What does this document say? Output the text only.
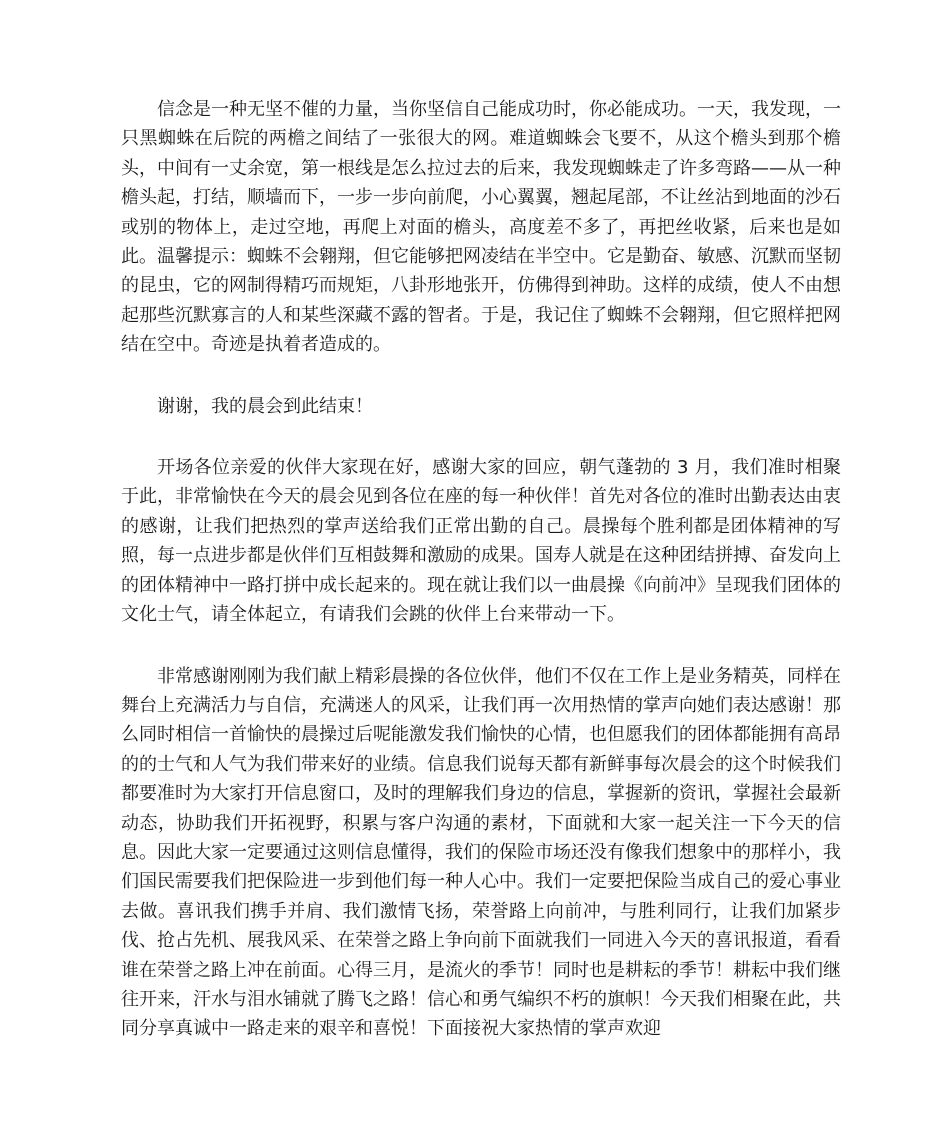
信念是一种无坚不催的力量，当你坚信自己能成功时，你必能成功。一天，我发现，一只黑蜘蛛在后院的两檐之间结了一张很大的网。难道蜘蛛会飞要不，从这个檐头到那个檐头，中间有一丈余宽，第一根线是怎么拉过去的后来，我发现蜘蛛走了许多弯路——从一种檐头起，打结，顺墙而下，一步一步向前爬，小心翼翼，翘起尾部，不让丝沾到地面的沙石或别的物体上，走过空地，再爬上对面的檐头，高度差不多了，再把丝收紧，后来也是如此。温馨提示：蜘蛛不会翱翔，但它能够把网凌结在半空中。它是勤奋、敏感、沉默而坚韧的昆虫，它的网制得精巧而规矩，八卦形地张开，仿佛得到神助。这样的成绩，使人不由想起那些沉默寡言的人和某些深藏不露的智者。于是，我记住了蜘蛛不会翱翔，但它照样把网结在空中。奇迹是执着者造成的。

谢谢，我的晨会到此结束！

开场各位亲爱的伙伴大家现在好，感谢大家的回应，朝气蓬勃的 3 月，我们准时相聚于此，非常愉快在今天的晨会见到各位在座的每一种伙伴！首先对各位的准时出勤表达由衷的感谢，让我们把热烈的掌声送给我们正常出勤的自己。晨操每个胜利都是团体精神的写照，每一点进步都是伙伴们互相鼓舞和激励的成果。国寿人就是在这种团结拼搏、奋发向上的团体精神中一路打拼中成长起来的。现在就让我们以一曲晨操《向前冲》呈现我们团体的文化士气，请全体起立，有请我们会跳的伙伴上台来带动一下。

非常感谢刚刚为我们献上精彩晨操的各位伙伴，他们不仅在工作上是业务精英，同样在舞台上充满活力与自信，充满迷人的风采，让我们再一次用热情的掌声向她们表达感谢！那么同时相信一首愉快的晨操过后呢能激发我们愉快的心情，也但愿我们的团体都能拥有高昂的的士气和人气为我们带来好的业绩。信息我们说每天都有新鲜事每次晨会的这个时候我们都要准时为大家打开信息窗口，及时的理解我们身边的信息，掌握新的资讯，掌握社会最新动态，协助我们开拓视野，积累与客户沟通的素材，下面就和大家一起关注一下今天的信息。因此大家一定要通过这则信息懂得，我们的保险市场还没有像我们想象中的那样小，我们国民需要我们把保险进一步到他们每一种人心中。我们一定要把保险当成自己的爱心事业去做。喜讯我们携手并肩、我们激情飞扬，荣誉路上向前冲，与胜利同行，让我们加紧步伐、抢占先机、展我风采、在荣誉之路上争向前下面就我们一同进入今天的喜讯报道，看看谁在荣誉之路上冲在前面。心得三月，是流火的季节！同时也是耕耘的季节！耕耘中我们继往开来，汗水与泪水铺就了腾飞之路！信心和勇气编织不朽的旗帜！今天我们相聚在此，共同分享真诚中一路走来的艰辛和喜悦！下面接祝大家热情的掌声欢迎
